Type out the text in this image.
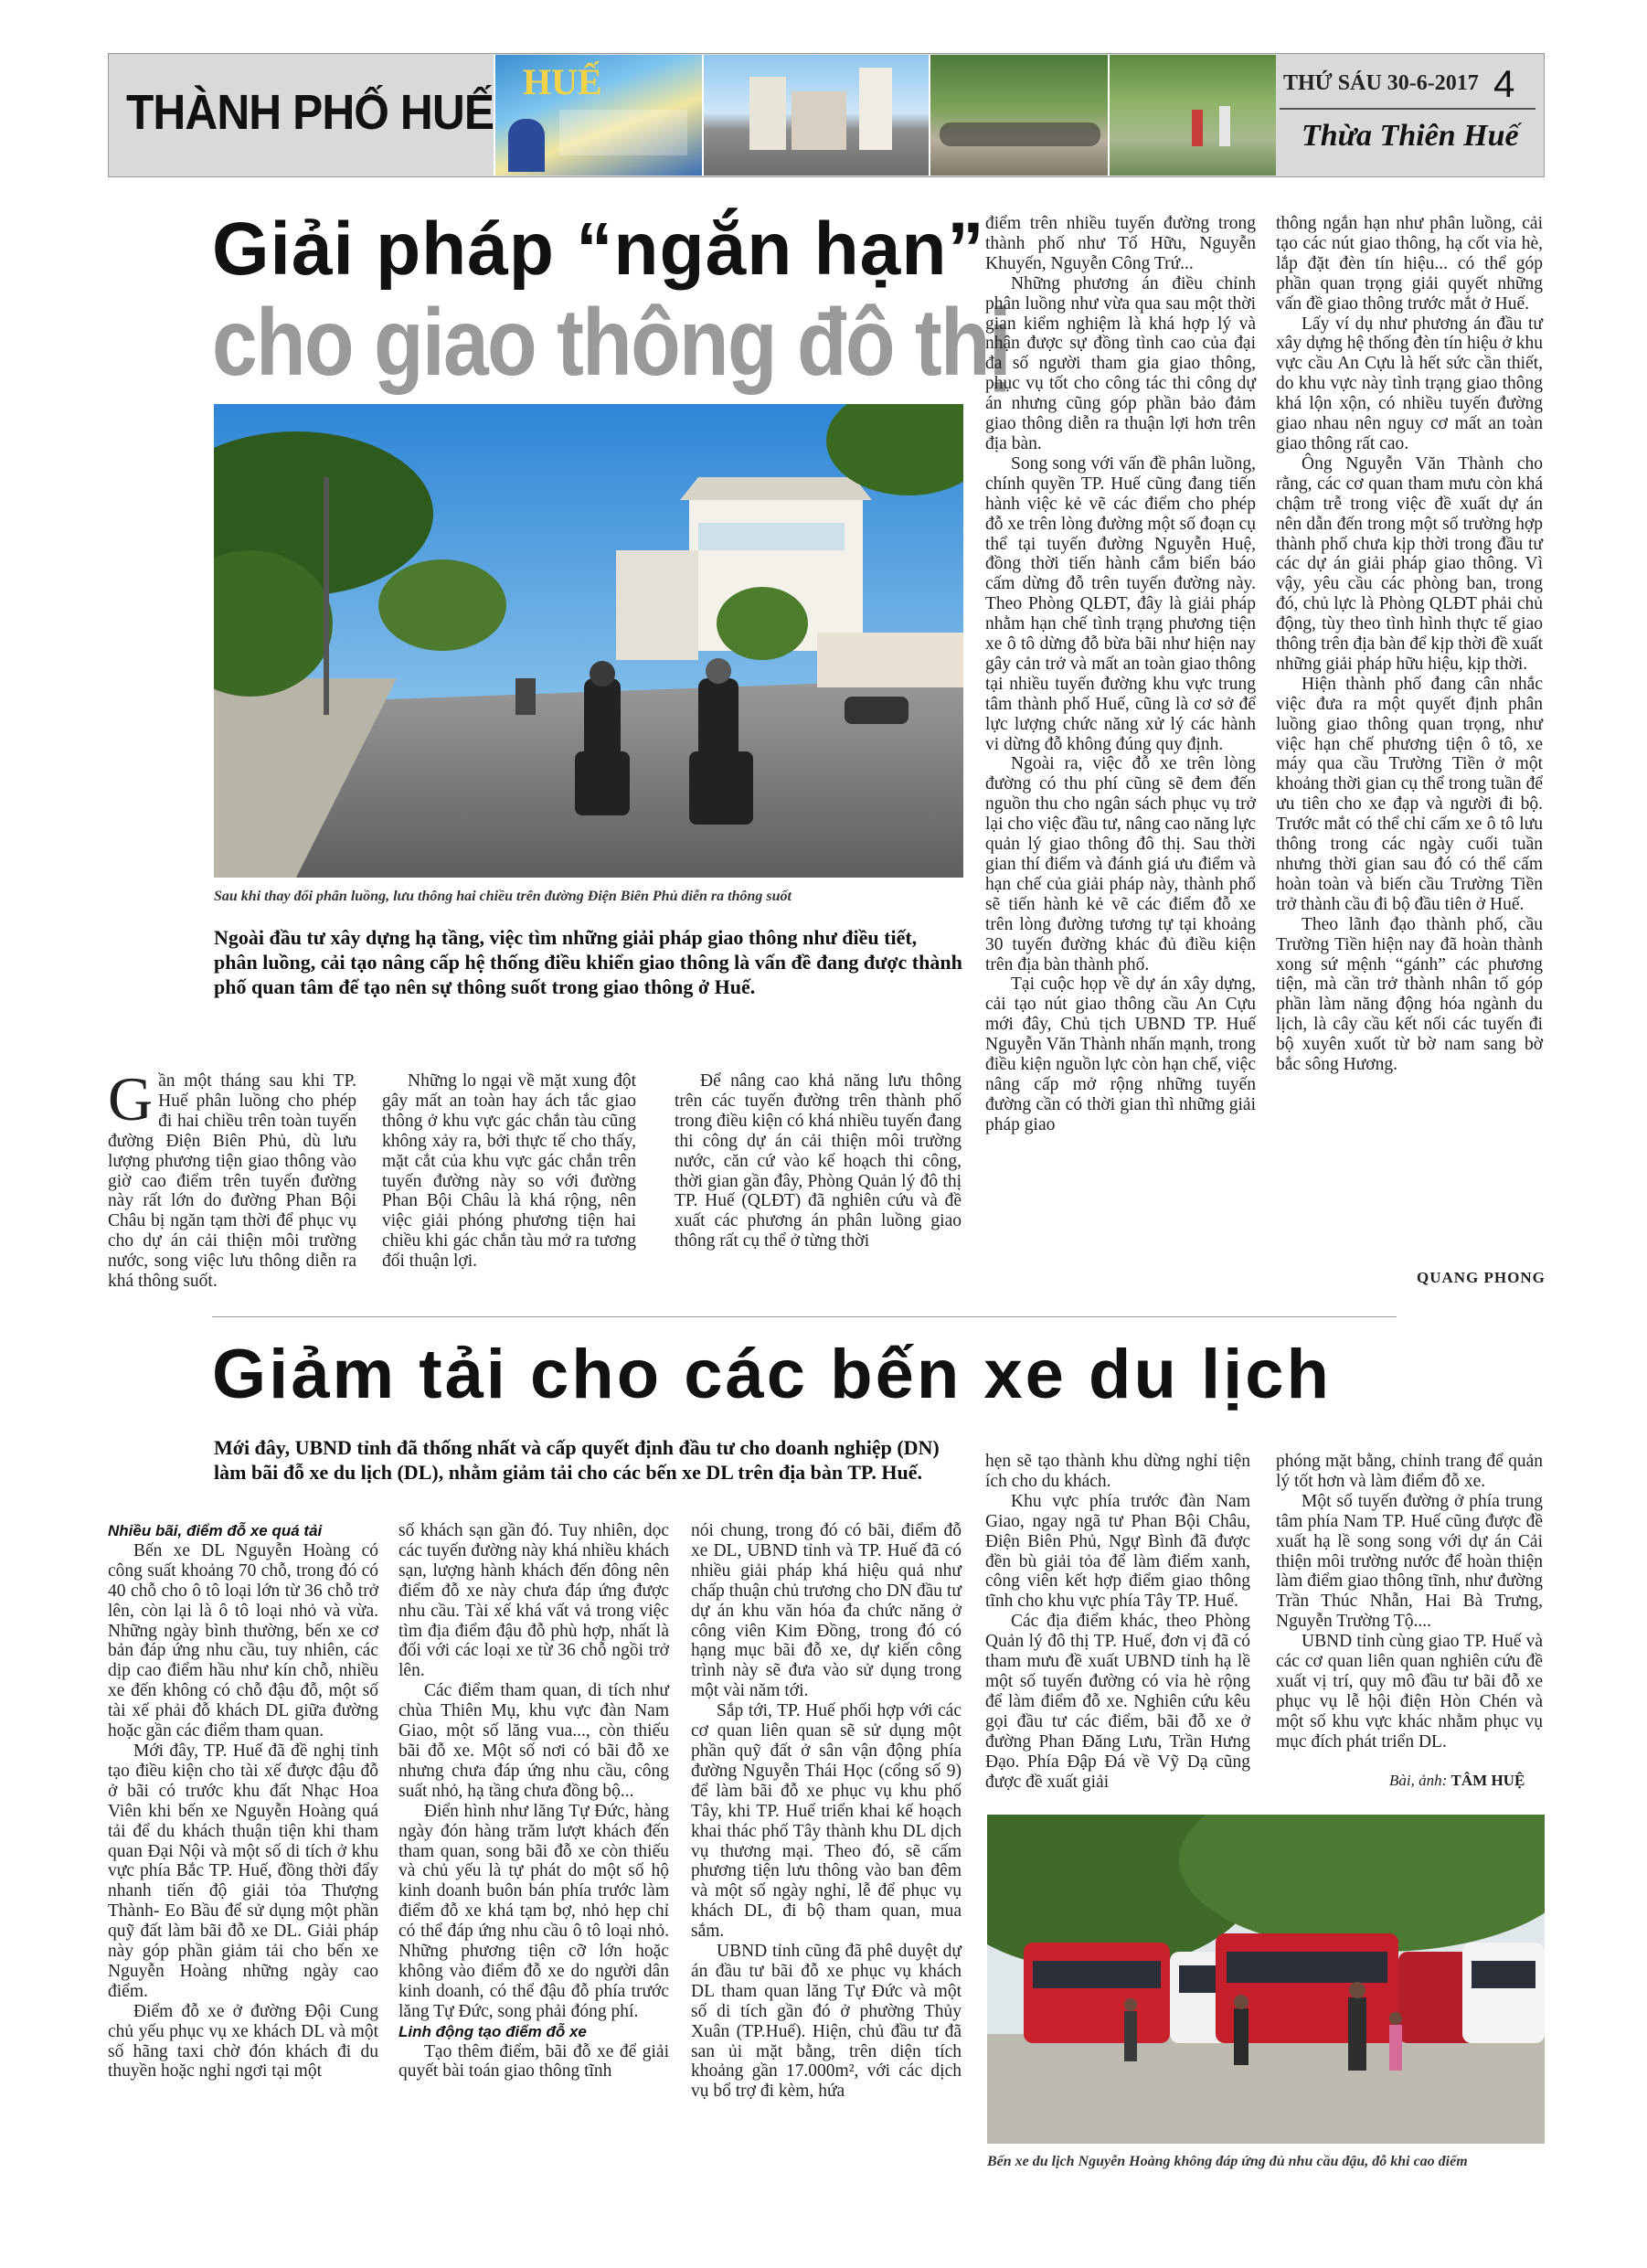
THÀNH PHỐ HUẾ
HUẾ	THỨ SÁU 30-6-2017 4
Thừa Thiên Huế
Giải pháp “ngắn hạn”
cho giao thông đô thị
Sau khi thay đổi phân luồng, lưu thông hai chiều trên đường Điện Biên Phủ diễn ra thông suốt
Ngoài đầu tư xây dựng hạ tầng, việc tìm những giải pháp giao thông như điều tiết, phân luồng, cải tạo nâng cấp hệ thống điều khiển giao thông là vấn đề đang được thành phố quan tâm để tạo nên sự thông suốt trong giao thông ở Huế.

Gần một tháng sau khi TP. Huế phân luồng cho phép đi hai chiều trên toàn tuyến đường Điện Biên Phủ, dù lưu lượng phương tiện giao thông vào giờ cao điểm trên tuyến đường này rất lớn do đường Phan Bội Châu bị ngăn tạm thời để phục vụ cho dự án cải thiện môi trường nước, song việc lưu thông diễn ra khá thông suốt.

Những lo ngại về mặt xung đột gây mất an toàn hay ách tắc giao thông ở khu vực gác chắn tàu cũng không xảy ra, bởi thực tế cho thấy, mặt cắt của khu vực gác chắn trên tuyến đường này so với đường Phan Bội Châu là khá rộng, nên việc giải phóng phương tiện hai chiều khi gác chắn tàu mở ra tương đối thuận lợi.

Để nâng cao khả năng lưu thông trên các tuyến đường trên thành phố trong điều kiện có khá nhiều tuyến đang thi công dự án cải thiện môi trường nước, căn cứ vào kế hoạch thi công, thời gian gần đây, Phòng Quản lý đô thị TP. Huế (QLĐT) đã nghiên cứu và đề xuất các phương án phân luồng giao thông rất cụ thể ở từng thời

điểm trên nhiều tuyến đường trong thành phố như Tố Hữu, Nguyễn Khuyến, Nguyễn Công Trứ...

Những phương án điều chỉnh phân luồng như vừa qua sau một thời gian kiểm nghiệm là khá hợp lý và nhận được sự đồng tình cao của đại đa số người tham gia giao thông, phục vụ tốt cho công tác thi công dự án nhưng cũng góp phần bảo đảm giao thông diễn ra thuận lợi hơn trên địa bàn.

Song song với vấn đề phân luồng, chính quyền TP. Huế cũng đang tiến hành việc kẻ vẽ các điểm cho phép đỗ xe trên lòng đường một số đoạn cụ thể tại tuyến đường Nguyễn Huệ, đồng thời tiến hành cắm biển báo cấm dừng đỗ trên tuyến đường này. Theo Phòng QLĐT, đây là giải pháp nhằm hạn chế tình trạng phương tiện xe ô tô dừng đỗ bừa bãi như hiện nay gây cản trở và mất an toàn giao thông tại nhiều tuyến đường khu vực trung tâm thành phố Huế, cũng là cơ sở để lực lượng chức năng xử lý các hành vi dừng đỗ không đúng quy định.

Ngoài ra, việc đỗ xe trên lòng đường có thu phí cũng sẽ đem đến nguồn thu cho ngân sách phục vụ trở lại cho việc đầu tư, nâng cao năng lực quản lý giao thông đô thị. Sau thời gian thí điểm và đánh giá ưu điểm và hạn chế của giải pháp này, thành phố sẽ tiến hành kẻ vẽ các điểm đỗ xe trên lòng đường tương tự tại khoảng 30 tuyến đường khác đủ điều kiện trên địa bàn thành phố.

Tại cuộc họp về dự án xây dựng, cải tạo nút giao thông cầu An Cựu mới đây, Chủ tịch UBND TP. Huế Nguyễn Văn Thành nhấn mạnh, trong điều kiện nguồn lực còn hạn chế, việc nâng cấp mở rộng những tuyến đường cần có thời gian thì những giải pháp giao

thông ngắn hạn như phân luồng, cải tạo các nút giao thông, hạ cốt vỉa hè, lắp đặt đèn tín hiệu... có thể góp phần quan trọng giải quyết những vấn đề giao thông trước mắt ở Huế.

Lấy ví dụ như phương án đầu tư xây dựng hệ thống đèn tín hiệu ở khu vực cầu An Cựu là hết sức cần thiết, do khu vực này tình trạng giao thông khá lộn xộn, có nhiều tuyến đường giao nhau nên nguy cơ mất an toàn giao thông rất cao.

Ông Nguyễn Văn Thành cho rằng, các cơ quan tham mưu còn khá chậm trễ trong việc đề xuất dự án nên dẫn đến trong một số trường hợp thành phố chưa kịp thời trong đầu tư các dự án giải pháp giao thông. Vì vậy, yêu cầu các phòng ban, trong đó, chủ lực là Phòng QLĐT phải chủ động, tùy theo tình hình thực tế giao thông trên địa bàn để kịp thời đề xuất những giải pháp hữu hiệu, kịp thời.

Hiện thành phố đang cân nhắc việc đưa ra một quyết định phân luồng giao thông quan trọng, như việc hạn chế phương tiện ô tô, xe máy qua cầu Trường Tiền ở một khoảng thời gian cụ thể trong tuần để ưu tiên cho xe đạp và người đi bộ. Trước mắt có thể chỉ cấm xe ô tô lưu thông trong các ngày cuối tuần nhưng thời gian sau đó có thể cấm hoàn toàn và biến cầu Trường Tiền trở thành cầu đi bộ đầu tiên ở Huế.

Theo lãnh đạo thành phố, cầu Trường Tiền hiện nay đã hoàn thành xong sứ mệnh “gánh” các phương tiện, mà cần trở thành nhân tố góp phần làm năng động hóa ngành du lịch, là cây cầu kết nối các tuyến đi bộ xuyên xuốt từ bờ nam sang bờ bắc sông Hương.

QUANG PHONG
Giảm tải cho các bến xe du lịch
Mới đây, UBND tỉnh đã thống nhất và cấp quyết định đầu tư cho doanh nghiệp (DN) làm bãi đỗ xe du lịch (DL), nhằm giảm tải cho các bến xe DL trên địa bàn TP. Huế.

Nhiều bãi, điểm đỗ xe quá tải

Bến xe DL Nguyễn Hoàng có công suất khoảng 70 chỗ, trong đó có 40 chỗ cho ô tô loại lớn từ 36 chỗ trở lên, còn lại là ô tô loại nhỏ và vừa. Những ngày bình thường, bến xe cơ bản đáp ứng nhu cầu, tuy nhiên, các dịp cao điểm hầu như kín chỗ, nhiều xe đến không có chỗ đậu đỗ, một số tài xế phải đỗ khách DL giữa đường hoặc gần các điểm tham quan.

Mới đây, TP. Huế đã đề nghị tỉnh tạo điều kiện cho tài xế được đậu đỗ ở bãi có trước khu đất Nhạc Hoa Viên khi bến xe Nguyễn Hoàng quá tải để du khách thuận tiện khi tham quan Đại Nội và một số di tích ở khu vực phía Bắc TP. Huế, đồng thời đẩy nhanh tiến độ giải tỏa Thượng Thành- Eo Bầu để sử dụng một phần quỹ đất làm bãi đỗ xe DL. Giải pháp này góp phần giảm tải cho bến xe Nguyễn Hoàng những ngày cao điểm.

Điểm đỗ xe ở đường Đội Cung chủ yếu phục vụ xe khách DL và một số hãng taxi chờ đón khách đi du thuyền hoặc nghỉ ngơi tại một

số khách sạn gần đó. Tuy nhiên, dọc các tuyến đường này khá nhiều khách sạn, lượng hành khách đến đông nên điểm đỗ xe này chưa đáp ứng được nhu cầu. Tài xế khá vất vả trong việc tìm địa điểm đậu đỗ phù hợp, nhất là đối với các loại xe từ 36 chỗ ngồi trở lên.

Các điểm tham quan, di tích như chùa Thiên Mụ, khu vực đàn Nam Giao, một số lăng vua..., còn thiếu bãi đỗ xe. Một số nơi có bãi đỗ xe nhưng chưa đáp ứng nhu cầu, công suất nhỏ, hạ tầng chưa đồng bộ...

Điển hình như lăng Tự Đức, hàng ngày đón hàng trăm lượt khách đến tham quan, song bãi đỗ xe còn thiếu và chủ yếu là tự phát do một số hộ kinh doanh buôn bán phía trước làm điểm đỗ xe khá tạm bợ, nhỏ hẹp chỉ có thể đáp ứng nhu cầu ô tô loại nhỏ. Những phương tiện cỡ lớn hoặc không vào điểm đỗ xe do người dân kinh doanh, có thể đậu đỗ phía trước lăng Tự Đức, song phải đóng phí.

Linh động tạo điểm đỗ xe

Tạo thêm điểm, bãi đỗ xe để giải quyết bài toán giao thông tĩnh

nói chung, trong đó có bãi, điểm đỗ xe DL, UBND tỉnh và TP. Huế đã có nhiều giải pháp khá hiệu quả như chấp thuận chủ trương cho DN đầu tư dự án khu văn hóa đa chức năng ở công viên Kim Đồng, trong đó có hạng mục bãi đỗ xe, dự kiến công trình này sẽ đưa vào sử dụng trong một vài năm tới.

Sắp tới, TP. Huế phối hợp với các cơ quan liên quan sẽ sử dụng một phần quỹ đất ở sân vận động phía đường Nguyễn Thái Học (cổng số 9) để làm bãi đỗ xe phục vụ khu phố Tây, khi TP. Huế triển khai kế hoạch khai thác phố Tây thành khu DL dịch vụ thương mại. Theo đó, sẽ cấm phương tiện lưu thông vào ban đêm và một số ngày nghỉ, lễ để phục vụ khách DL, đi bộ tham quan, mua sắm.

UBND tỉnh cũng đã phê duyệt dự án đầu tư bãi đỗ xe phục vụ khách DL tham quan lăng Tự Đức và một số di tích gần đó ở phường Thủy Xuân (TP.Huế). Hiện, chủ đầu tư đã san ủi mặt bằng, trên diện tích khoảng gần 17.000m², với các dịch vụ bổ trợ đi kèm, hứa

hẹn sẽ tạo thành khu dừng nghỉ tiện ích cho du khách.

Khu vực phía trước đàn Nam Giao, ngay ngã tư Phan Bội Châu, Điện Biên Phủ, Ngự Bình đã được đền bù giải tỏa để làm điểm xanh, công viên kết hợp điểm giao thông tĩnh cho khu vực phía Tây TP. Huế.

Các địa điểm khác, theo Phòng Quản lý đô thị TP. Huế, đơn vị đã có tham mưu đề xuất UBND tỉnh hạ lề một số tuyến đường có vỉa hè rộng để làm điểm đỗ xe. Nghiên cứu kêu gọi đầu tư các điểm, bãi đỗ xe ở đường Phan Đăng Lưu, Trần Hưng Đạo. Phía Đập Đá về Vỹ Dạ cũng được đề xuất giải

phóng mặt bằng, chỉnh trang để quản lý tốt hơn và làm điểm đỗ xe.

Một số tuyến đường ở phía trung tâm phía Nam TP. Huế cũng được đề xuất hạ lề song song với dự án Cải thiện môi trường nước để hoàn thiện làm điểm giao thông tĩnh, như đường Trần Thúc Nhẫn, Hai Bà Trưng, Nguyễn Trường Tộ....

UBND tỉnh cùng giao TP. Huế và các cơ quan liên quan nghiên cứu đề xuất vị trí, quy mô đầu tư bãi đỗ xe phục vụ lễ hội điện Hòn Chén và một số khu vực khác nhằm phục vụ mục đích phát triển DL.

Bài, ảnh: TÂM HUỆ
Bến xe du lịch Nguyễn Hoàng không đáp ứng đủ nhu cầu đậu, đỗ khi cao điểm
